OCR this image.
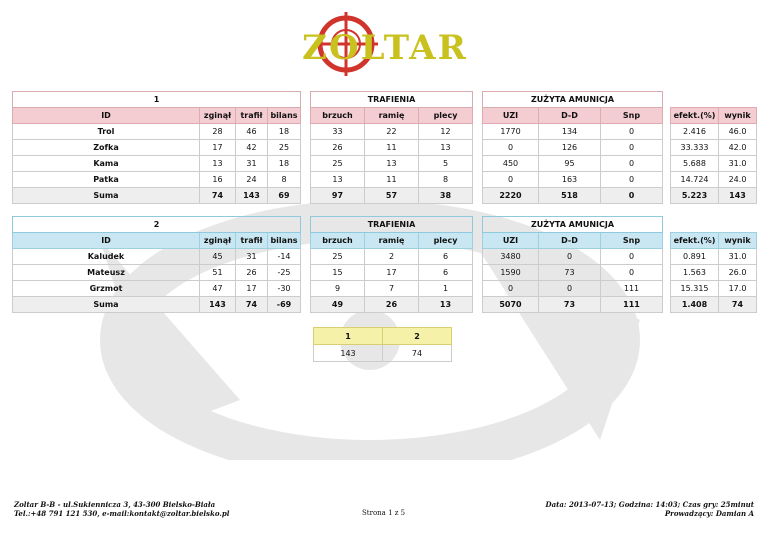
ZOLTAR
1					TRAFIENIA				ZUŻYTA AMUNICJA					
ID	zginął	trafił	bilans		brzuch	ramię	plecy		UZI	D-D	Snp		efekt.(%)	wynik
Trol	28	46	18		33	22	12		1770	134	0		2.416	46.0
Zofka	17	42	25		26	11	13		0	126	0		33.333	42.0
Kama	13	31	18		25	13	5		450	95	0		5.688	31.0
Patka	16	24	8		13	11	8		0	163	0		14.724	24.0
Suma	74	143	69		97	57	38		2220	518	0		5.223	143
2					TRAFIENIA				ZUŻYTA AMUNICJA					
ID	zginął	trafił	bilans		brzuch	ramię	plecy		UZI	D-D	Snp		efekt.(%)	wynik
Kaludek	45	31	-14		25	2	6		3480	0	0		0.891	31.0
Mateusz	51	26	-25		15	17	6		1590	73	0		1.563	26.0
Grzmot	47	17	-30		9	7	1		0	0	111		15.315	17.0
Suma	143	74	-69		49	26	13		5070	73	111		1.408	74
1	2
143	74
Zoltar B-B - ul.Sukiennicza 3, 43-300 Bielsko-Biała
Tel.:+48 791 121 530, e-mail:kontakt@zoltar.bielsko.pl	Strona 1 z 5
Data: 2013-07-13; Godzina: 14:03; Czas gry: 25minut
Prowadzący: Damian A
